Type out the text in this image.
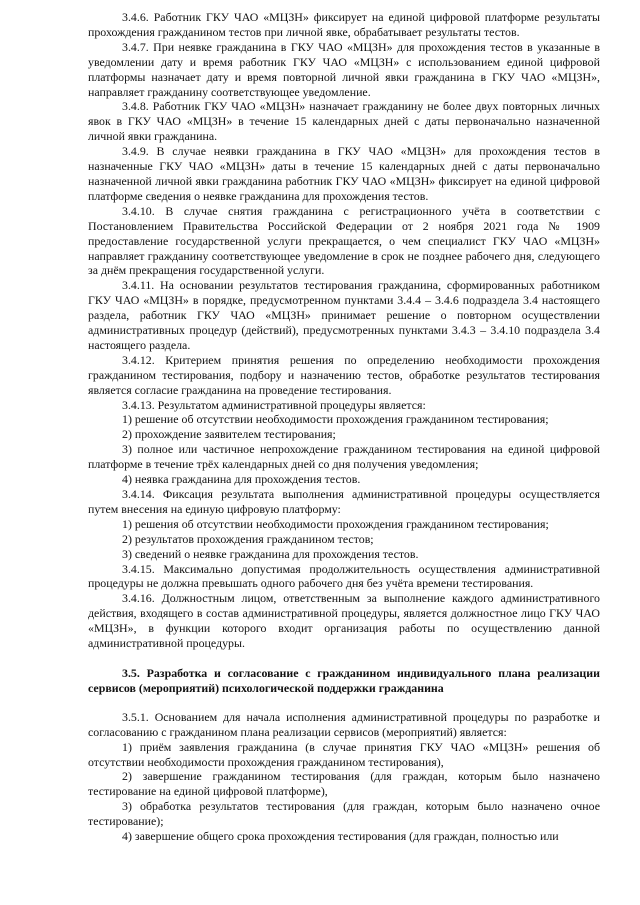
3.4.6. Работник ГКУ ЧАО «МЦЗН» фиксирует на единой цифровой платформе результаты прохождения гражданином тестов при личной явке, обрабатывает результаты тестов.

3.4.7. При неявке гражданина в ГКУ ЧАО «МЦЗН» для прохождения тестов в указанные в уведомлении дату и время работник ГКУ ЧАО «МЦЗН» с использованием единой цифровой платформы назначает дату и время повторной личной явки гражданина в ГКУ ЧАО «МЦЗН», направляет гражданину соответствующее уведомление.

3.4.8. Работник ГКУ ЧАО «МЦЗН» назначает гражданину не более двух повторных личных явок в ГКУ ЧАО «МЦЗН» в течение 15 календарных дней с даты первоначально назначенной личной явки гражданина.

3.4.9. В случае неявки гражданина в ГКУ ЧАО «МЦЗН» для прохождения тестов в назначенные ГКУ ЧАО «МЦЗН» даты в течение 15 календарных дней с даты первоначально назначенной личной явки гражданина работник ГКУ ЧАО «МЦЗН» фиксирует на единой цифровой платформе сведения о неявке гражданина для прохождения тестов.

3.4.10. В случае снятия гражданина с регистрационного учёта в соответствии с Постановлением Правительства Российской Федерации от 2 ноября 2021 года № 1909 предоставление государственной услуги прекращается, о чем специалист ГКУ ЧАО «МЦЗН» направляет гражданину соответствующее уведомление в срок не позднее рабочего дня, следующего за днём прекращения государственной услуги.

3.4.11. На основании результатов тестирования гражданина, сформированных работником ГКУ ЧАО «МЦЗН» в порядке, предусмотренном пунктами 3.4.4 – 3.4.6 подраздела 3.4 настоящего раздела, работник ГКУ ЧАО «МЦЗН» принимает решение о повторном осуществлении административных процедур (действий), предусмотренных пунктами 3.4.3 – 3.4.10 подраздела 3.4 настоящего раздела.

3.4.12. Критерием принятия решения по определению необходимости прохождения гражданином тестирования, подбору и назначению тестов, обработке результатов тестирования является согласие гражданина на проведение тестирования.

3.4.13. Результатом административной процедуры является:

1) решение об отсутствии необходимости прохождения гражданином тестирования;

2) прохождение заявителем тестирования;

3) полное или частичное непрохождение гражданином тестирования на единой цифровой платформе в течение трёх календарных дней со дня получения уведомления;

4) неявка гражданина для прохождения тестов.

3.4.14. Фиксация результата выполнения административной процедуры осуществляется путем внесения на единую цифровую платформу:

1) решения об отсутствии необходимости прохождения гражданином тестирования;

2) результатов прохождения гражданином тестов;

3) сведений о неявке гражданина для прохождения тестов.

3.4.15. Максимально допустимая продолжительность осуществления административной процедуры не должна превышать одного рабочего дня без учёта времени тестирования.

3.4.16. Должностным лицом, ответственным за выполнение каждого административного действия, входящего в состав административной процедуры, является должностное лицо ГКУ ЧАО «МЦЗН», в функции которого входит организация работы по осуществлению данной административной процедуры.

3.5. Разработка и согласование с гражданином индивидуального плана реализации сервисов (мероприятий) психологической поддержки гражданина

3.5.1. Основанием для начала исполнения административной процедуры по разработке и согласованию с гражданином плана реализации сервисов (мероприятий) является:

1) приём заявления гражданина (в случае принятия ГКУ ЧАО «МЦЗН» решения об отсутствии необходимости прохождения гражданином тестирования),

2) завершение гражданином тестирования (для граждан, которым было назначено тестирование на единой цифровой платформе),

3) обработка результатов тестирования (для граждан, которым было назначено очное тестирование);

4) завершение общего срока прохождения тестирования (для граждан, полностью или
